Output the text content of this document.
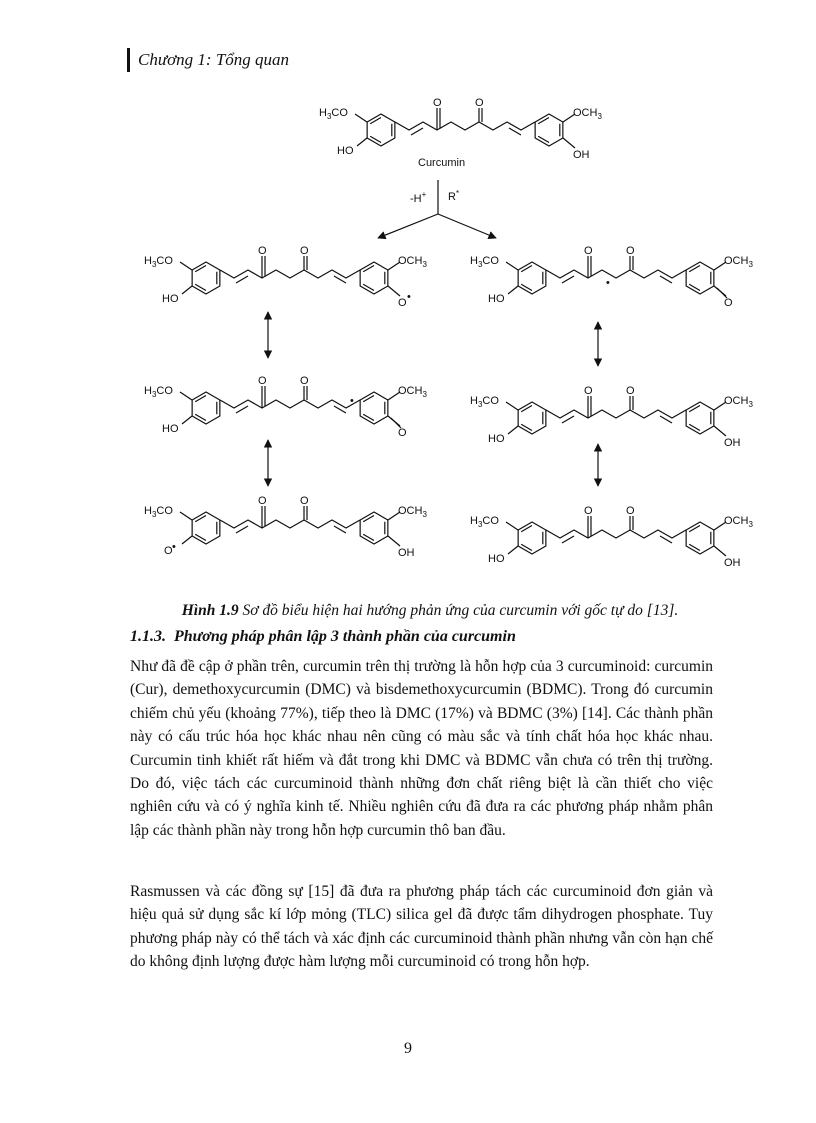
Chương 1: Tổng quan
O	O
$H_3CO$
HO
$OCH_3$
OH
O	O
$H_3CO$
HO
$OCH_3$
O •
O	O
$H_3CO$
HO
$OCH_3$
O
•
O	O
$H_3CO$
HO
$OCH_3$
O
•
O	O
$H_3CO$
HO
$OCH_3$
OH
O	O
$H_3CO$
O •
$OCH_3$
OH
O	O
$H_3CO$
HO
$OCH_3$
OH
-H+ R*
Curcumin
Hình 1.9 Sơ đồ biểu hiện hai hướng phản ứng của curcumin với gốc tự do [13].
1.1.3. Phương pháp phân lập 3 thành phần của curcumin
Như đã đề cập ở phần trên, curcumin trên thị trường là hỗn hợp của 3 curcuminoid: curcumin (Cur), demethoxycurcumin (DMC) và bisdemethoxycurcumin (BDMC). Trong đó curcumin chiếm chủ yếu (khoảng 77%), tiếp theo là DMC (17%) và BDMC (3%) [14]. Các thành phần này có cấu trúc hóa học khác nhau nên cũng có màu sắc và tính chất hóa học khác nhau. Curcumin tinh khiết rất hiếm và đắt trong khi DMC và BDMC vẫn chưa có trên thị trường. Do đó, việc tách các curcuminoid thành những đơn chất riêng biệt là cần thiết cho việc nghiên cứu và có ý nghĩa kinh tế. Nhiều nghiên cứu đã đưa ra các phương pháp nhằm phân lập các thành phần này trong hỗn hợp curcumin thô ban đầu.
Rasmussen và các đồng sự [15] đã đưa ra phương pháp tách các curcuminoid đơn giản và hiệu quả sử dụng sắc kí lớp mỏng (TLC) silica gel đã được tẩm dihydrogen phosphate. Tuy phương pháp này có thể tách và xác định các curcuminoid thành phần nhưng vẫn còn hạn chế do không định lượng được hàm lượng mỗi curcuminoid có trong hỗn hợp.
9
